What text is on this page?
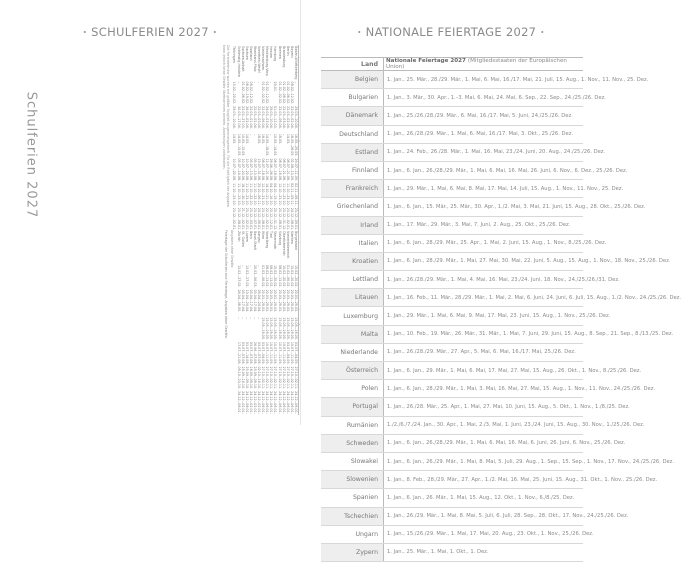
• SCHULFERIEN 2027 •
Schulferien 2027

Baden-Württemberg	–	29.03.–10.04.	18.05.–29.05.	29.07.–11.09.	02.11.–06.11.	23.12.–09.01.
Bayern	08.02.–12.02.	22.03.–02.04.	18.05.–28.05.	02.08.–13.09.	02.11.–05.11.	24.12.–08.01.
Berlin	01.02.–06.02.	22.03.–02.04.	14.05.	08.07.–21.08.	11.10.–23.10.	23.12.–02.01.
Brandenburg	01.02.–06.02.	22.03.–03.04.	–	08.07.–21.08.	11.10.–23.10.	23.12.–31.12.
Bremen	01.02.–02.02.	22.03.–06.04.	18.05.	08.07.–18.08.	12.10.–23.10.	23.12.–08.01.
Hamburg	29.01.	01.03.–12.03.	10.05.–14.05.	08.07.–18.08.	04.10.–15.10.	20.12.–31.12.
Hessen	–	29.03.–10.04.	–	28.06.–06.08.	04.10.–16.10.	23.12.–12.01.
Mecklenburg-Vorp.	01.02.–12.02.	24.03.–03.04.	14.05.–18.05.	12.07.–21.08.	14.10.–21.10.	22.12.–02.01.
Niedersachsen	01.02.–02.02.	22.03.–06.04.	18.05.	08.07.–18.08.	12.10.–23.10.	23.12.–08.01.
Nordrhein-Westf.	–	22.03.–03.04.	18.05.	19.07.–31.08.	25.10.–06.11.	24.12.–06.01.
Rheinland-Pfalz	–	22.03.–02.04.	–	05.07.–13.08.	11.10.–22.10.	23.12.–07.01.
Saarland	08.02.–12.02.	22.03.–01.04.	–	05.07.–13.08.	11.10.–22.10.	23.12.–03.01.
Sachsen	08.02.–19.02.	26.03.–02.04.	14.05.	10.07.–20.08.	11.10.–23.10.	23.12.–02.01.
Sachsen-Anhalt	01.02.–06.02.	22.03.–27.03.	10.05.–15.05.	10.07.–20.08.	18.10.–30.10.	21.12.–02.01.
Schleswig-Holstein	–	30.03.–17.04.	14.05.–15.05.	05.07.–14.08.	11.10.–23.10.	23.12.–08.01.
Thüringen	15.02.–20.02.	29.03.–10.04.	14.05.	10.07.–20.08.	11.10.–23.10.	23.12.–02.01.
Die Ferientermine wurden mit größter Sorgfalt zusammengestellt. Für die Richtigkeit der Angaben kann jedoch keine Gewähr übernommen werden. Änderungen vorbehalten.

Burgenland	15.02.–20.02.	20.03.–29.03.	15.05.–18.05.	03.07.–04.09.	27.10.–02.11.	24.12.–06.01.
Kärnten	15.02.–20.02.	20.03.–29.03.	15.05.–18.05.	10.07.–11.09.	27.10.–02.11.	24.12.–06.01.
Niederösterreich	01.02.–06.02.	20.03.–29.03.	15.05.–18.05.	03.07.–04.09.	27.10.–02.11.	24.12.–06.01.
Oberösterreich	15.02.–20.02.	20.03.–29.03.	15.05.–18.05.	10.07.–11.09.	27.10.–02.11.	24.12.–06.01.
Salzburg	08.02.–13.02.	20.03.–29.03.	15.05.–18.05.	10.07.–11.09.	27.10.–02.11.	24.12.–06.01.
Steiermark	15.02.–20.02.	20.03.–29.03.	15.05.–18.05.	10.07.–11.09.	27.10.–02.11.	24.12.–06.01.
Tirol	08.02.–13.02.	20.03.–29.03.	15.05.–18.05.	10.07.–11.09.	27.10.–02.11.	24.12.–06.01.
Vorarlberg	08.02.–13.02.	20.03.–29.03.	15.05.–18.05.	10.07.–11.09.	27.10.–02.11.	24.12.–06.01.
Wien	01.02.–06.02.	20.03.–29.03.	15.05.–18.05.	03.07.–04.09.	27.10.–02.11.	24.12.–06.01.
Aargau	–	09.04.–24.04.	–	03.07.–07.08.	02.10.–16.10.	24.12.–02.01.
Basel-Stadt	20.02.–06.03.	03.04.–17.04.	–	26.06.–07.08.	25.09.–09.10.	24.12.–02.01.
Bern	–	03.04.–17.04.	–	03.07.–07.08.	18.09.–09.10.	24.12.–02.01.
Luzern	13.02.–27.02.	10.04.–24.04.	–	03.07.–14.08.	25.09.–09.10.	24.12.–08.01.
St. Gallen	–	03.04.–17.04.	–	03.07.–07.08.	25.09.–16.10.	24.12.–02.01.
Zürich	13.02.–27.02.	24.04.–08.05.	–	17.07.–21.08.	09.10.–23.10.	24.12.–08.01.
Angaben ohne Gewähr.
Feiertage der Schulferien sind Ferientage, Angaben ohne Gewähr.
• NATIONALE FEIERTAGE 2027 •
Land	Nationale Feiertage 2027 (Mitgliedsstaaten der Europäischen Union)
Belgien	1. Jan., 25. Mär., 28./29. Mär., 1. Mai, 6. Mai, 16./17. Mai, 21. Juli, 15. Aug., 1. Nov., 11. Nov., 25. Dez.
Bulgarien	1. Jan., 3. Mär., 30. Apr., 1.–3. Mai, 6. Mai, 24. Mai, 6. Sep., 22. Sep., 24./25./26. Dez.
Dänemark	1. Jan., 25./26./28./29. Mär., 6. Mai, 16./17. Mai, 5. Juni, 24./25./26. Dez.
Deutschland	1. Jan., 26./28./29. Mär., 1. Mai, 6. Mai, 16./17. Mai, 3. Okt., 25./26. Dez.
Estland	1. Jan., 24. Feb., 26./28. Mär., 1. Mai, 16. Mai, 23./24. Juni, 20. Aug., 24./25./26. Dez.
Finnland	1. Jan., 6. Jan., 26./28./29. Mär., 1. Mai, 6. Mai, 16. Mai, 26. Juni, 6. Nov., 6. Dez., 25./26. Dez.
Frankreich	1. Jan., 29. Mär., 1. Mai, 6. Mai, 8. Mai, 17. Mai, 14. Juli, 15. Aug., 1. Nov., 11. Nov., 25. Dez.
Griechenland	1. Jan., 6. Jan., 15. Mär., 25. Mär., 30. Apr., 1./2. Mai, 3. Mai, 21. Juni, 15. Aug., 28. Okt., 25./26. Dez.
Irland	1. Jan., 17. Mär., 29. Mär., 3. Mai, 7. Juni, 2. Aug., 25. Okt., 25./26. Dez.
Italien	1. Jan., 6. Jan., 28./29. Mär., 25. Apr., 1. Mai, 2. Juni, 15. Aug., 1. Nov., 8./25./26. Dez.
Kroatien	1. Jan., 6. Jan., 28./29. Mär., 1. Mai, 27. Mai, 30. Mai, 22. Juni, 5. Aug., 15. Aug., 1. Nov., 18. Nov., 25./26. Dez.
Lettland	1. Jan., 26./28./29. Mär., 1. Mai, 4. Mai, 16. Mai, 23./24. Juni, 18. Nov., 24./25./26./31. Dez.
Litauen	1. Jan., 16. Feb., 11. Mär., 28./29. Mär., 1. Mai, 2. Mai, 6. Juni, 24. Juni, 6. Juli, 15. Aug., 1./2. Nov., 24./25./26. Dez.
Luxemburg	1. Jan., 29. Mär., 1. Mai, 6. Mai, 9. Mai, 17. Mai, 23. Juni, 15. Aug., 1. Nov., 25./26. Dez.
Malta	1. Jan., 10. Feb., 19. Mär., 26. Mär., 31. Mär., 1. Mai, 7. Juni, 29. Juni, 15. Aug., 8. Sep., 21. Sep., 8./13./25. Dez.
Niederlande	1. Jan., 26./28./29. Mär., 27. Apr., 5. Mai, 6. Mai, 16./17. Mai, 25./26. Dez.
Österreich	1. Jan., 6. Jan., 29. Mär., 1. Mai, 6. Mai, 17. Mai, 27. Mai, 15. Aug., 26. Okt., 1. Nov., 8./25./26. Dez.
Polen	1. Jan., 6. Jan., 28./29. Mär., 1. Mai, 3. Mai, 16. Mai, 27. Mai, 15. Aug., 1. Nov., 11. Nov., 24./25./26. Dez.
Portugal	1. Jan., 26./28. Mär., 25. Apr., 1. Mai, 27. Mai, 10. Juni, 15. Aug., 5. Okt., 1. Nov., 1./8./25. Dez.
Rumänien	1./2./6./7./24. Jan., 30. Apr., 1. Mai, 2./3. Mai, 1. Juni, 23./24. Juni, 15. Aug., 30. Nov., 1./25./26. Dez.
Schweden	1. Jan., 6. Jan., 26./28./29. Mär., 1. Mai, 6. Mai, 16. Mai, 6. Juni, 26. Juni, 6. Nov., 25./26. Dez.
Slowakei	1. Jan., 6. Jan., 26./29. Mär., 1. Mai, 8. Mai, 5. Juli, 29. Aug., 1. Sep., 15. Sep., 1. Nov., 17. Nov., 24./25./26. Dez.
Slowenien	1. Jan., 8. Feb., 28./29. Mär., 27. Apr., 1./2. Mai, 16. Mai, 25. Juni, 15. Aug., 31. Okt., 1. Nov., 25./26. Dez.
Spanien	1. Jan., 6. Jan., 26. Mär., 1. Mai, 15. Aug., 12. Okt., 1. Nov., 6./8./25. Dez.
Tschechien	1. Jan., 26./29. Mär., 1. Mai, 8. Mai, 5. Juli, 6. Juli, 28. Sep., 28. Okt., 17. Nov., 24./25./26. Dez.
Ungarn	1. Jan., 15./26./29. Mär., 1. Mai, 17. Mai, 20. Aug., 23. Okt., 1. Nov., 25./26. Dez.
Zypern	1. Jan., 25. Mär., 1. Mai, 1. Okt., 1. Dez.
